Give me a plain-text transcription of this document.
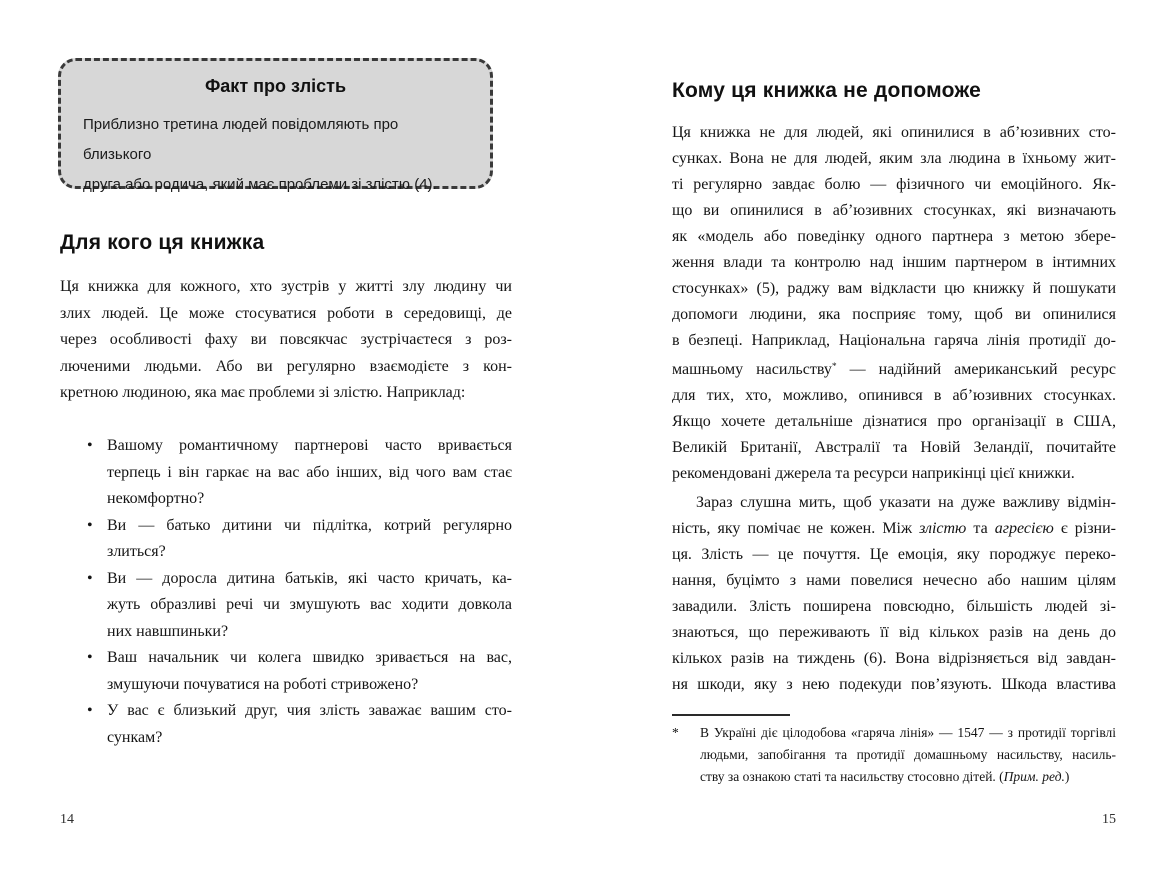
Факт про злість
Приблизно третина людей повідомляють про близького
друга або родича, який має проблеми зі злістю (4).
Для кого ця книжка
Ця книжка для кожного, хто зустрів у житті злу людину чи
злих людей. Це може стосуватися роботи в середовищі, де
через особливості фаху ви повсякчас зустрічаєтеся з роз-
люченими людьми. Або ви регулярно взаємодієте з кон-
кретною людиною, яка має проблеми зі злістю. Наприклад:
• Вашому романтичному партнерові часто вривається
терпець і він гаркає на вас або інших, від чого вам стає
некомфортно?
• Ви — батько дитини чи підлітка, котрий регулярно
злиться?
• Ви — доросла дитина батьків, які часто кричать, ка-
жуть образливі речі чи змушують вас ходити довкола
них навшпиньки?
• Ваш начальник чи колега швидко зривається на вас,
змушуючи почуватися на роботі стривожено?
• У вас є близький друг, чия злість заважає вашим сто-
сункам?
14
Кому ця книжка не допоможе
Ця книжка не для людей, які опинилися в аб’юзивних сто-
сунках. Вона не для людей, яким зла людина в їхньому жит-
ті регулярно завдає болю — фізичного чи емоційного. Як-
що ви опинилися в аб’юзивних стосунках, які визначають
як «модель або поведінку одного партнера з метою збере-
ження влади та контролю над іншим партнером в інтимних
стосунках» (5), раджу вам відкласти цю книжку й пошукати
допомоги людини, яка посприяє тому, щоб ви опинилися
в безпеці. Наприклад, Національна гаряча лінія протидії до-
машньому насильству* — надійний американський ресурс
для тих, хто, можливо, опинився в аб’юзивних стосунках.
Якщо хочете детальніше дізнатися про організації в США,
Великій Британії, Австралії та Новій Зеландії, почитайте
рекомендовані джерела та ресурси наприкінці цієї книжки.
Зараз слушна мить, щоб указати на дуже важливу відмін-
ність, яку помічає не кожен. Між злістю та агресією є різни-
ця. Злість — це почуття. Це емоція, яку породжує переко-
нання, буцімто з нами повелися нечесно або нашим цілям
завадили. Злість поширена повсюдно, більшість людей зі-
знаються, що переживають її від кількох разів на день до
кількох разів на тиждень (6). Вона відрізняється від завдан-
ня шкоди, яку з нею подекуди пов’язують. Шкода властива
*	В Україні діє цілодобова «гаряча лінія» — 1547 — з протидії торгівлі
людьми, запобігання та протидії домашньому насильству, насиль-
ству за ознакою статі та насильству стосовно дітей. (Прим. ред.)
15
